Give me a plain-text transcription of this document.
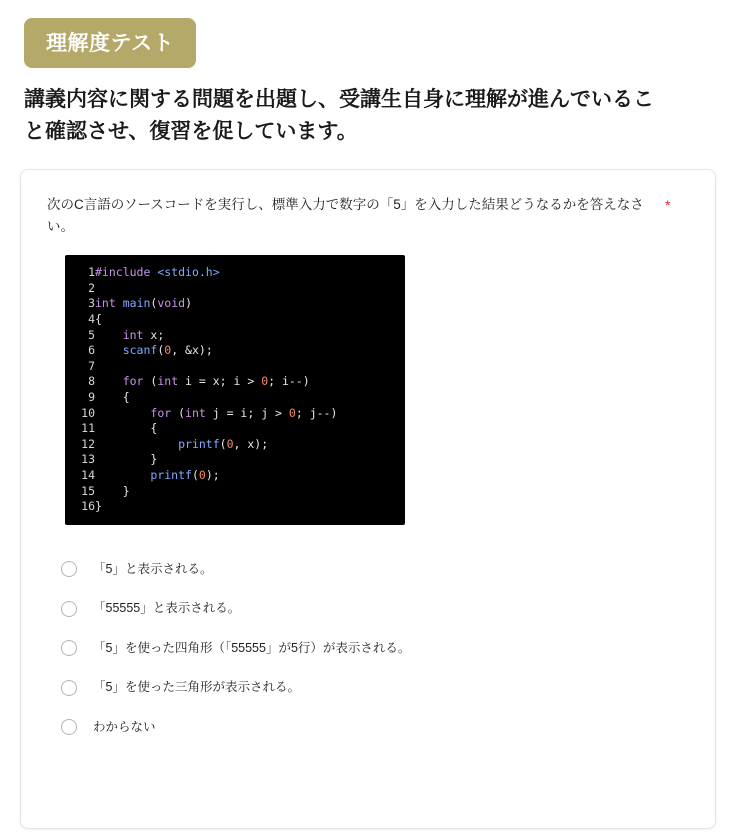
理解度テスト
講義内容に関する問題を出題し、受講生自身に理解が進んでいること確認させ、復習を促しています。
次のC言語のソースコードを実行し、標準入力で数字の「5」を入力した結果どうなるかを答えなさい。
*
1	#include <stdio.h>
2	
3	int main(void)
4	{
5	int x;
6	scanf(0, &x);
7	
8	for (int i = x; i > 0; i--)
9	{
10	for (int j = i; j > 0; j--)
11	{
12	printf(0, x);
13	}
14	printf(0);
15	}
16	}
「5」と表示される。
「55555」と表示される。
「5」を使った四角形（「55555」が5行）が表示される。
「5」を使った三角形が表示される。
わからない
